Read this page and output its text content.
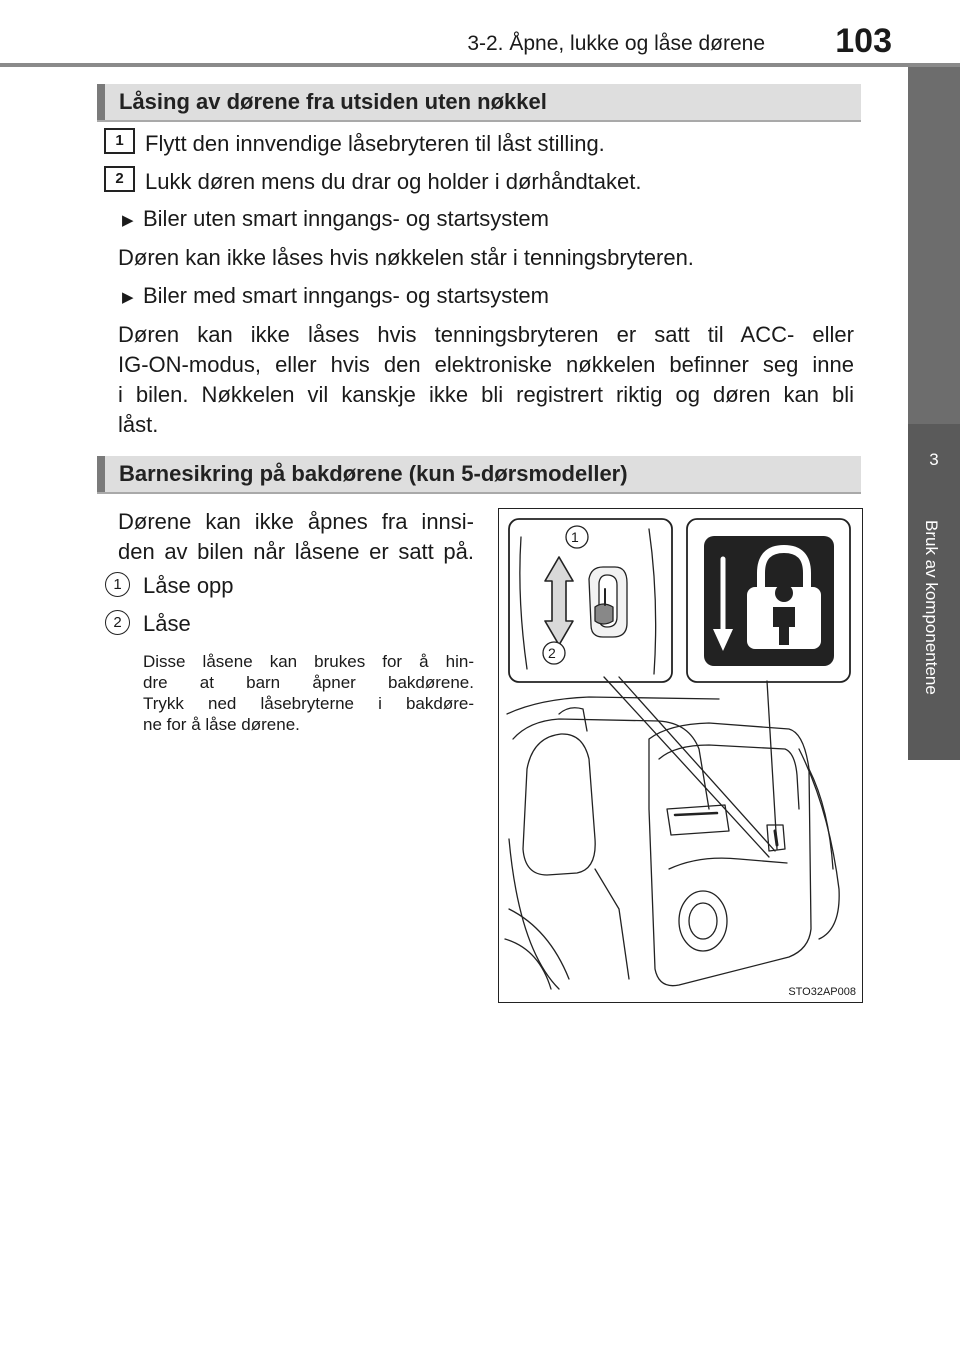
3-2. Åpne, lukke og låse dørene 103
3
Bruk av komponentene
Låsing av dørene fra utsiden uten nøkkel
1 Flytt den innvendige låsebryteren til låst stilling.
2 Lukk døren mens du drar og holder i dørhåndtaket.
▶ Biler uten smart inngangs- og startsystem
Døren kan ikke låses hvis nøkkelen står i tenningsbryteren.
▶ Biler med smart inngangs- og startsystem
Døren kan ikke låses hvis tenningsbryteren er satt til ACC- eller
IG-ON-modus, eller hvis den elektroniske nøkkelen befinner seg inne
i bilen. Nøkkelen vil kanskje ikke bli registrert riktig og døren kan bli
låst.
Barnesikring på bakdørene (kun 5-dørsmodeller)
Dørene kan ikke åpnes fra innsi-
den av bilen når låsene er satt på.
1 Låse opp
2 Låse
Disse låsene kan brukes for å hin-
dre at barn åpner bakdørene.
Trykk ned låsebryterne i bakdøre-
ne for å låse dørene.
1
2
STO32AP008
